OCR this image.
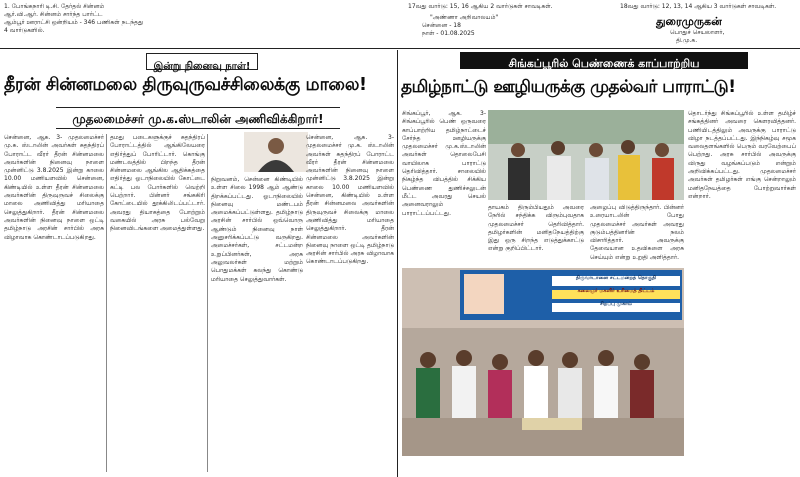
1. போங்கநாரி டி.சி. தேர்தல் சின்னம்
ஆர்.வி.ஆர். சின்னம் சார்ந்த பார்ட்ட
ஆம்பூர் ஊராட்சி ஒன்றியம் - 346 பணிகள் நடந்தது
4 வார்டுகளில்.
17வது வார்டு: 15, 16 ஆகிய 2 வார்டுகள் சாவடிகள்.
"அண்ணா அறிவாலயம்"
சென்னை - 18
நாள் - 01.08.2025
18வது வார்டு: 12, 13, 14 ஆகிய 3 வார்டுகள் சாவடிகள்.
துரைமுருகன்
பொதுச் செயலாளர்,
தி.மு.க.
இன்று நினைவு நாள்!
தீரன் சின்னமலை திருவுருவச்சிலைக்கு மாலை!
முதலமைச்சர் மு.க.ஸ்டாலின் அணிவிக்கிறார்!
சென்னை, ஆக. 3- முதலமைச்சர் மு.க. ஸ்டாலின் அவர்கள் சுதந்திரப் போராட்ட வீரர் தீரன் சின்னமலை அவர்களின் நினைவு நாளை முன்னிட்டு 3.8.2025 இன்று காலை 10.00 மணியளவில் சென்னை, கிண்டியில் உள்ள தீரன் சின்னமலை அவர்களின் திருவுருவச் சிலைக்கு மாலை அணிவித்து மரியாதை செலுத்துகிறார். தீரன் சின்னமலை அவர்களின் நினைவு நாளை ஒட்டி தமிழ்நாடு அரசின் சார்பில் அரசு விழாவாக கொண்டாடப்படுகிறது.
தமது படைகளுக்குச் சுதந்திரப் போராட்டத்தில் ஆங்கிலேயரை எதிர்த்துப் போரிட்டார். கொங்கு மண்டலத்தில் பிறந்த தீரன் சின்னமலை ஆங்கில ஆதிக்கத்தை எதிர்த்து ஓடாநிலையில் கோட்டை கட்டி பல போர்களில் வெற்றி பெற்றார். பின்னர் சங்ககிரி கோட்டையில் தூக்கிலிடப்பட்டார். அவரது தியாகத்தை போற்றும் வகையில் அரசு பல்வேறு நினைவிடங்களை அமைத்துள்ளது.
நிறுவனம், சென்னை கிண்டியில் உள்ள சிலை 1998 ஆம் ஆண்டு திறக்கப்பட்டது. ஓடாநிலையில் நினைவு மண்டபம் அமைக்கப்பட்டுள்ளது. தமிழ்நாடு அரசின் சார்பில் ஒவ்வொரு ஆண்டும் நினைவு நாள் அனுசரிக்கப்பட்டு வருகிறது. அமைச்சர்கள், சட்டமன்ற உறுப்பினர்கள், அரசு அலுவலர்கள் மற்றும் பொதுமக்கள் கலந்து கொண்டு மரியாதை செலுத்துவார்கள்.
சென்னை, ஆக. 3- முதலமைச்சர் மு.க. ஸ்டாலின் அவர்கள் சுதந்திரப் போராட்ட வீரர் தீரன் சின்னமலை அவர்களின் நினைவு நாளை முன்னிட்டு 3.8.2025 இன்று காலை 10.00 மணியளவில் சென்னை, கிண்டியில் உள்ள தீரன் சின்னமலை அவர்களின் திருவுருவச் சிலைக்கு மாலை அணிவித்து மரியாதை செலுத்துகிறார். தீரன் சின்னமலை அவர்களின் நினைவு நாளை ஒட்டி தமிழ்நாடு அரசின் சார்பில் அரசு விழாவாக கொண்டாடப்படுகிறது.
சிங்கப்பூரில் பெண்ணைக் காப்பாற்றிய
தமிழ்நாட்டு ஊழியருக்கு முதல்வர் பாராட்டு!
சிங்கப்பூர், ஆக. 3- சிங்கப்பூரில் பெண் ஒருவரை காப்பாற்றிய தமிழ்நாட்டைச் சேர்ந்த ஊழியருக்கு முதலமைச்சர் மு.க.ஸ்டாலின் அவர்கள் தொலைபேசி வாயிலாக பாராட்டு தெரிவித்தார். சாலையில் நிகழ்ந்த விபத்தில் சிக்கிய பெண்ணை துணிச்சலுடன் மீட்ட அவரது செயல் அனைவராலும் பாராட்டப்பட்டது.
தொடர்ந்து சிங்கப்பூரில் உள்ள தமிழ்ச் சங்கத்தினர் அவரை கௌரவித்தனர். பணியிடத்திலும் அவருக்கு பாராட்டு விழா நடத்தப்பட்டது. இந்நிகழ்வு சமூக வலைதளங்களில் பெரும் வரவேற்பைப் பெற்றது. அரசு சார்பில் அவருக்கு விருது வழங்கப்படும் என்றும் அறிவிக்கப்பட்டது. முதலமைச்சர் அவர்கள் தமிழர்கள் எங்கு சென்றாலும் மனிதநேயத்தை போற்றுவார்கள் என்றார்.
தாயகம் திரும்பியதும் அவரை நேரில் சந்திக்க விரும்புவதாக முதலமைச்சர் தெரிவித்தார். தமிழர்களின் மனிதநேயத்திற்கு இது ஒரு சிறந்த எடுத்துக்காட்டு என்று குறிப்பிட்டார்.
அழைப்பு விடுத்திருந்தார். பின்னர் உரையாடலின் போது முதலமைச்சர் அவர்கள் அவரது குடும்பத்தினரின் நலம் விசாரித்தார். அவருக்கு தேவையான உதவிகளை அரசு செய்யும் என்று உறுதி அளித்தார்.
திருவாடானை சட்டமன்றத் தொகுதி
கலைஞர் மகளிர் உரிமைத் திட்டம்
சிறப்பு முகாம்
